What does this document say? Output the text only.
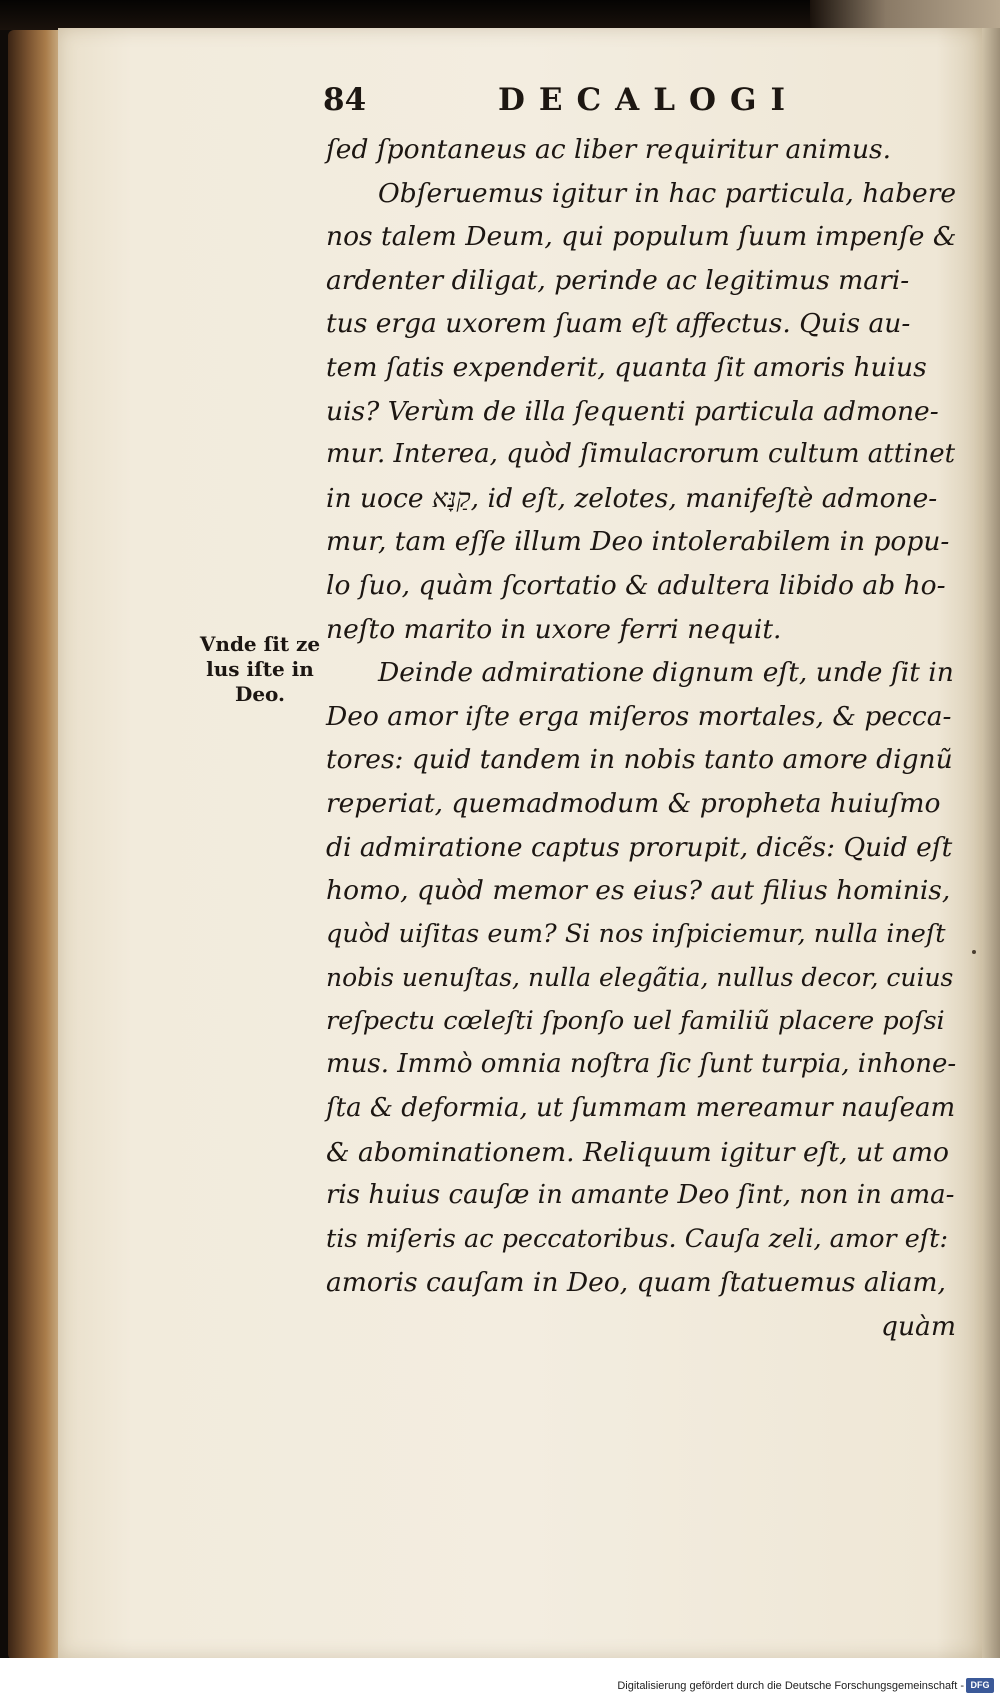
84	DECALOGI
Vnde ſit ze
lus iſte in
Deo.
ſed ſpontaneus ac liber requiritur animus.
Obſeruemus igitur in hac particula, habere
nos talem Deum, qui populum ſuum impenſe &
ardenter diligat, perinde ac legitimus mari-
tus erga uxorem ſuam eſt affectus. Quis au-
tem ſatis expenderit, quanta ſit amoris huius
uis? Verùm de illa ſequenti particula admone-
mur. Interea, quòd ſimulacrorum cultum attinet
in uoce קַנָּא, id eſt, zelotes, manifeſtè admone-
mur, tam eſſe illum Deo intolerabilem in popu-
lo ſuo, quàm ſcortatio & adultera libido ab ho-
neſto marito in uxore ferri nequit.
Deinde admiratione dignum eſt, unde ſit in
Deo amor iſte erga miſeros mortales, & pecca-
tores: quid tandem in nobis tanto amore dignũ
reperiat, quemadmodum & propheta huiuſmo
di admiratione captus prorupit, dicẽs: Quid eſt
homo, quòd memor es eius? aut filius hominis,
quòd uiſitas eum? Si nos inſpiciemur, nulla ineſt
nobis uenuſtas, nulla elegãtia, nullus decor, cuius
reſpectu cœleſti ſponſo uel familiũ placere poſsi
mus. Immò omnia noſtra ſic ſunt turpia, inhone-
ſta & deformia, ut ſummam mereamur nauſeam
& abominationem. Reliquum igitur eſt, ut amo
ris huius cauſæ in amante Deo ſint, non in ama-
tis miſeris ac peccatoribus. Cauſa zeli, amor eſt:
amoris cauſam in Deo, quam ſtatuemus aliam,
quàm
Digitalisierung gefördert durch die Deutsche Forschungsgemeinschaft - DFG
